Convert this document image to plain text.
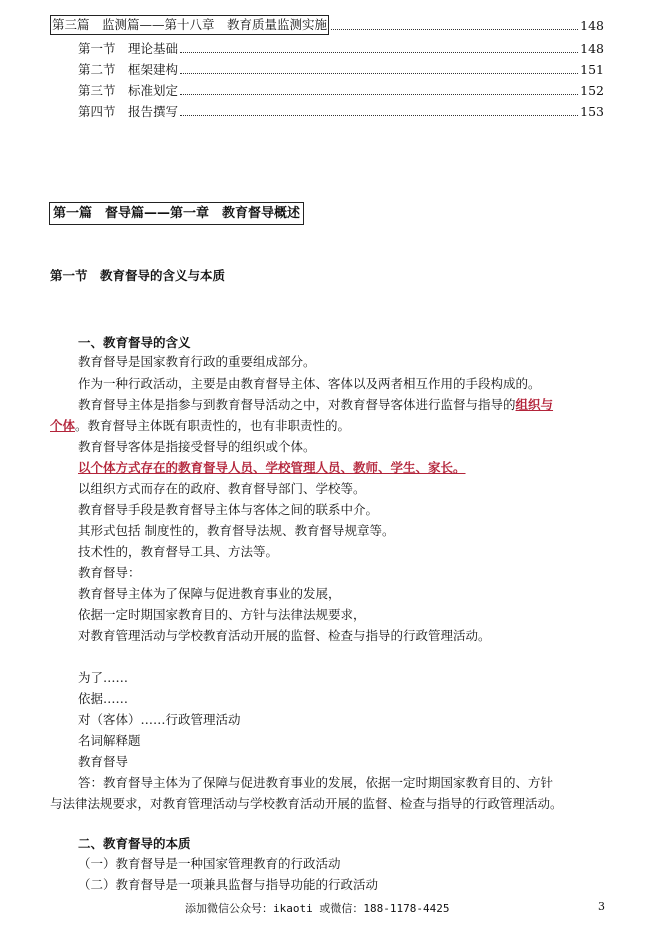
第三篇　监测篇——第十八章　教育质量监测实施	148
第一节　理论基础	148
第二节　框架建构	151
第三节　标准划定	152
第四节　报告撰写	153
第一篇　督导篇——第一章　教育督导概述
第一节　教育督导的含义与本质
一、教育督导的含义
教育督导是国家教育行政的重要组成部分。
作为一种行政活动，主要是由教育督导主体、客体以及两者相互作用的手段构成的。
教育督导主体是指参与到教育督导活动之中，对教育督导客体进行监督与指导的组织与
个体。教育督导主体既有职责性的，也有非职责性的。
教育督导客体是指接受督导的组织或个体。
以个体方式存在的教育督导人员、学校管理人员、教师、学生、家长。
以组织方式而存在的政府、教育督导部门、学校等。
教育督导手段是教育督导主体与客体之间的联系中介。
其形式包括 制度性的，教育督导法规、教育督导规章等。
技术性的，教育督导工具、方法等。
教育督导：
教育督导主体为了保障与促进教育事业的发展，
依据一定时期国家教育目的、方针与法律法规要求，
对教育管理活动与学校教育活动开展的监督、检查与指导的行政管理活动。
为了……
依据……
对（客体）……行政管理活动
名词解释题
教育督导
答：教育督导主体为了保障与促进教育事业的发展，依据一定时期国家教育目的、方针
与法律法规要求，对教育管理活动与学校教育活动开展的监督、检查与指导的行政管理活动。
二、教育督导的本质
（一）教育督导是一种国家管理教育的行政活动
（二）教育督导是一项兼具监督与指导功能的行政活动
添加微信公众号：ikaoti 或微信：188-1178-4425	3
